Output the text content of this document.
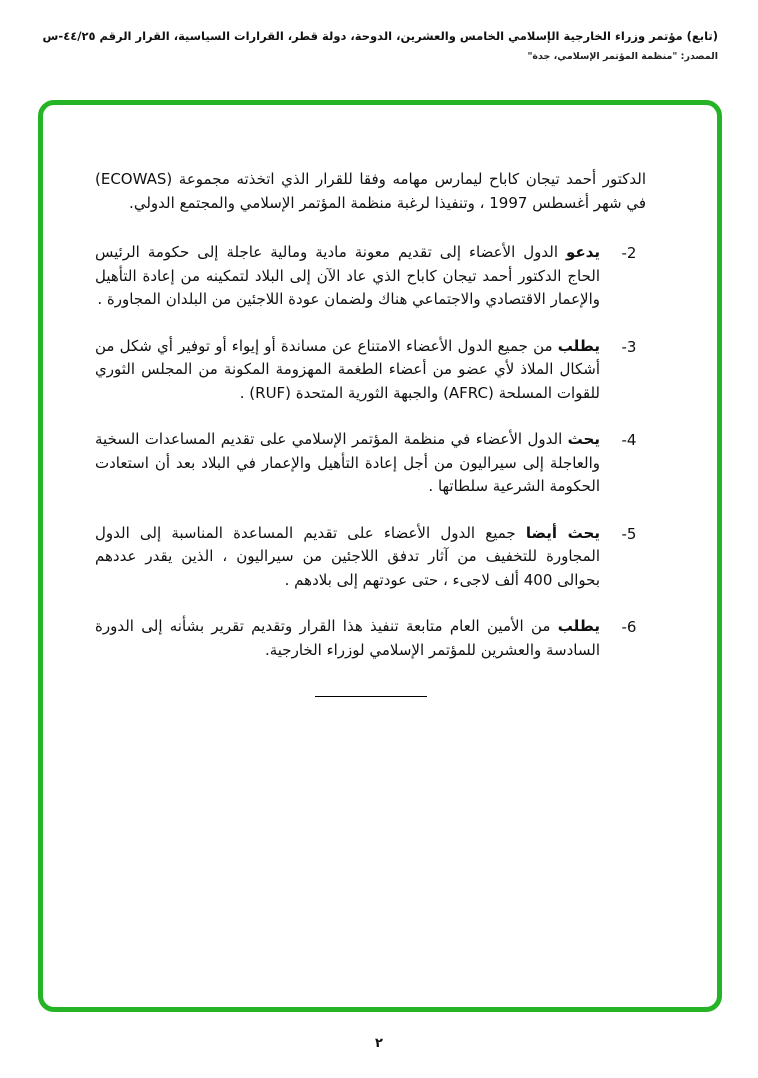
(تابع) مؤتمر وزراء الخارجية الإسلامي الخامس والعشرين، الدوحة، دولة قطر، القرارات السياسية، القرار الرقم ٤٤/٢٥-س
المصدر: "منظمة المؤتمر الإسلامي، جدة"

الدكتور أحمد تيجان كاباح ليمارس مهامه وفقا للقرار الذي اتخذته مجموعة (ECOWAS) في شهر أغسطس 1997 ، وتنفيذا لرغبة منظمة المؤتمر الإسلامي والمجتمع الدولي.

-2
يدعو الدول الأعضاء إلى تقديم معونة مادية ومالية عاجلة إلى حكومة الرئيس الحاج الدكتور أحمد تيجان كاباح الذي عاد الآن إلى البلاد لتمكينه من إعادة التأهيل والإعمار الاقتصادي والاجتماعي هناك ولضمان عودة اللاجئين من البلدان المجاورة .
-3
يطلب من جميع الدول الأعضاء الامتناع عن مساندة أو إيواء أو توفير أي شكل من أشكال الملاذ لأي عضو من أعضاء الطغمة المهزومة المكونة من المجلس الثوري للقوات المسلحة (AFRC) والجبهة الثورية المتحدة (RUF) .
-4
يحث الدول الأعضاء في منظمة المؤتمر الإسلامي على تقديم المساعدات السخية والعاجلة إلى سيراليون من أجل إعادة التأهيل والإعمار في البلاد بعد أن استعادت الحكومة الشرعية سلطاتها .
-5
يحث أيضا جميع الدول الأعضاء على تقديم المساعدة المناسبة إلى الدول المجاورة للتخفيف من آثار تدفق اللاجئين من سيراليون ، الذين يقدر عددهم بحوالى 400 ألف لاجىء ، حتى عودتهم إلى بلادهم .
-6
يطلب من الأمين العام متابعة تنفيذ هذا القرار وتقديم تقرير بشأنه إلى الدورة السادسة والعشرين للمؤتمر الإسلامي لوزراء الخارجية.
٢
